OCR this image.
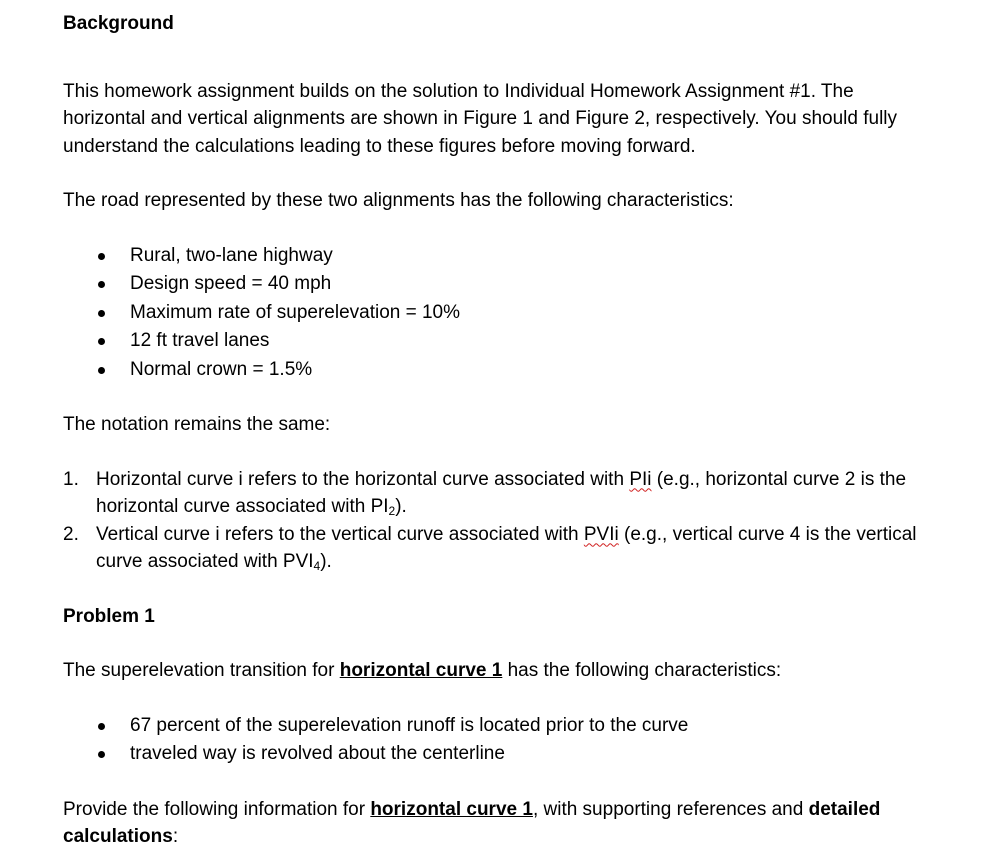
Background

This homework assignment builds on the solution to Individual Homework Assignment #1. The horizontal and vertical alignments are shown in Figure 1 and Figure 2, respectively. You should fully understand the calculations leading to these figures before moving forward.

The road represented by these two alignments has the following characteristics:

Rural, two-lane highway
Design speed = 40 mph
Maximum rate of superelevation = 10%
12 ft travel lanes
Normal crown = 1.5%

The notation remains the same:

1. Horizontal curve i refers to the horizontal curve associated with PIi (e.g., horizontal curve 2 is the horizontal curve associated with $PI_2$).
2. Vertical curve i refers to the vertical curve associated with PVIi (e.g., vertical curve 4 is the vertical curve associated with $PVI_4$).

Problem 1

The superelevation transition for horizontal curve 1 has the following characteristics:

67 percent of the superelevation runoff is located prior to the curve
traveled way is revolved about the centerline

Provide the following information for horizontal curve 1, with supporting references and detailed calculations:
